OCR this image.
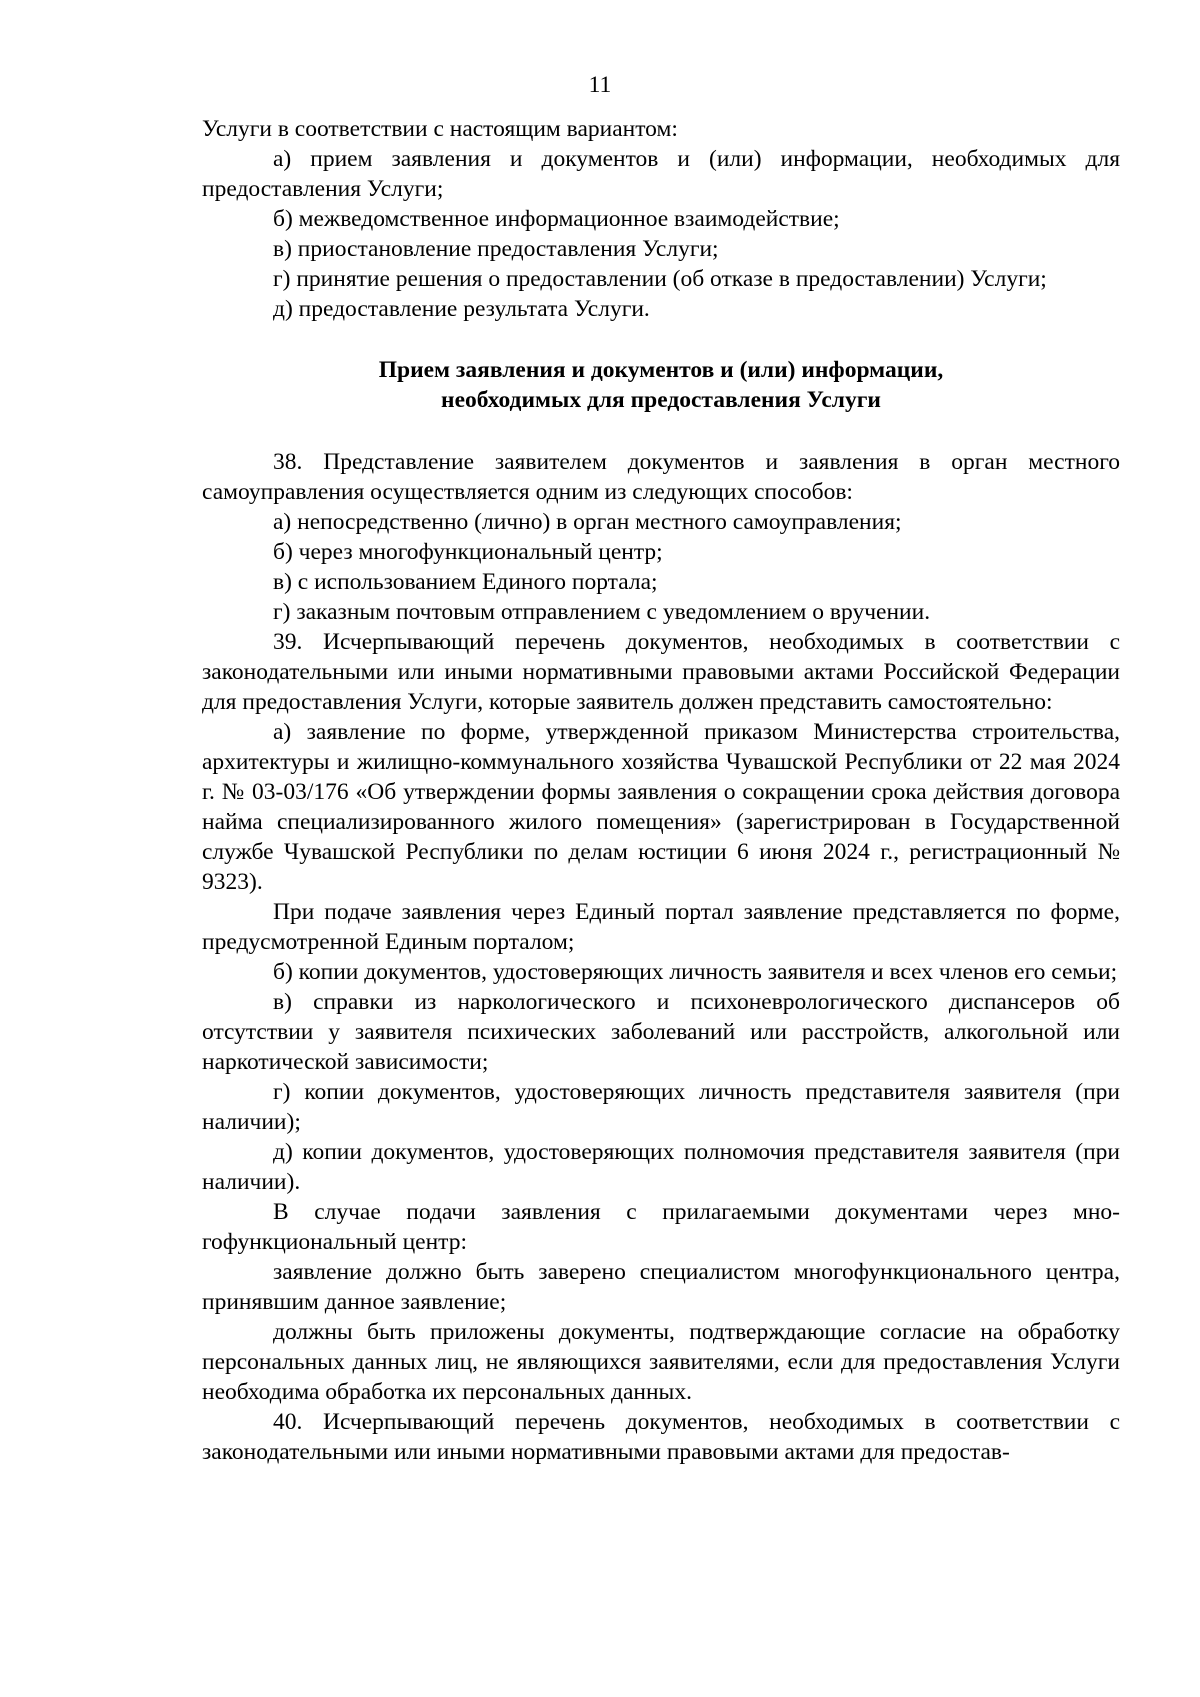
11

Услуги в соответствии с настоящим вариантом:

а) прием заявления и документов и (или) информации, необходимых для предоставления Услуги;

б) межведомственное информационное взаимодействие;

в) приостановление предоставления Услуги;

г) принятие решения о предоставлении (об отказе в предоставлении) Услуги;

д) предоставление результата Услуги.

Прием заявления и документов и (или) информации,
необходимых для предоставления Услуги

38. Представление заявителем документов и заявления в орган местного самоуправления осуществляется одним из следующих способов:

а) непосредственно (лично) в орган местного самоуправления;

б) через многофункциональный центр;

в) с использованием Единого портала;

г) заказным почтовым отправлением с уведомлением о вручении.

39. Исчерпывающий перечень документов, необходимых в соответствии с законодательными или иными нормативными правовыми актами Российской Федерации для предоставления Услуги, которые заявитель должен представить самостоятельно:

а) заявление по форме, утвержденной приказом Министерства строительства, архитектуры и жилищно-коммунального хозяйства Чувашской Республики от 22 мая 2024 г. № 03-03/176 «Об утверждении формы заявления о сокращении срока действия договора найма специализированного жилого помещения» (зарегистрирован в Государственной службе Чувашской Республики по делам юстиции 6 июня 2024 г., регистрационный № 9323).

При подаче заявления через Единый портал заявление представляется по форме, предусмотренной Единым порталом;

б) копии документов, удостоверяющих личность заявителя и всех членов его семьи;

в) справки из наркологического и психоневрологического диспансеров об отсутствии у заявителя психических заболеваний или расстройств, алкогольной или наркотической зависимости;

г) копии документов, удостоверяющих личность представителя заявителя (при наличии);

д) копии документов, удостоверяющих полномочия представителя заявителя (при наличии).

В случае подачи заявления с прилагаемыми документами через многофункциональный центр:

заявление должно быть заверено специалистом многофункционального центра, принявшим данное заявление;

должны быть приложены документы, подтверждающие согласие на обработку персональных данных лиц, не являющихся заявителями, если для предоставления Услуги необходима обработка их персональных данных.

40. Исчерпывающий перечень документов, необходимых в соответствии с законодательными или иными нормативными правовыми актами для предостав-
